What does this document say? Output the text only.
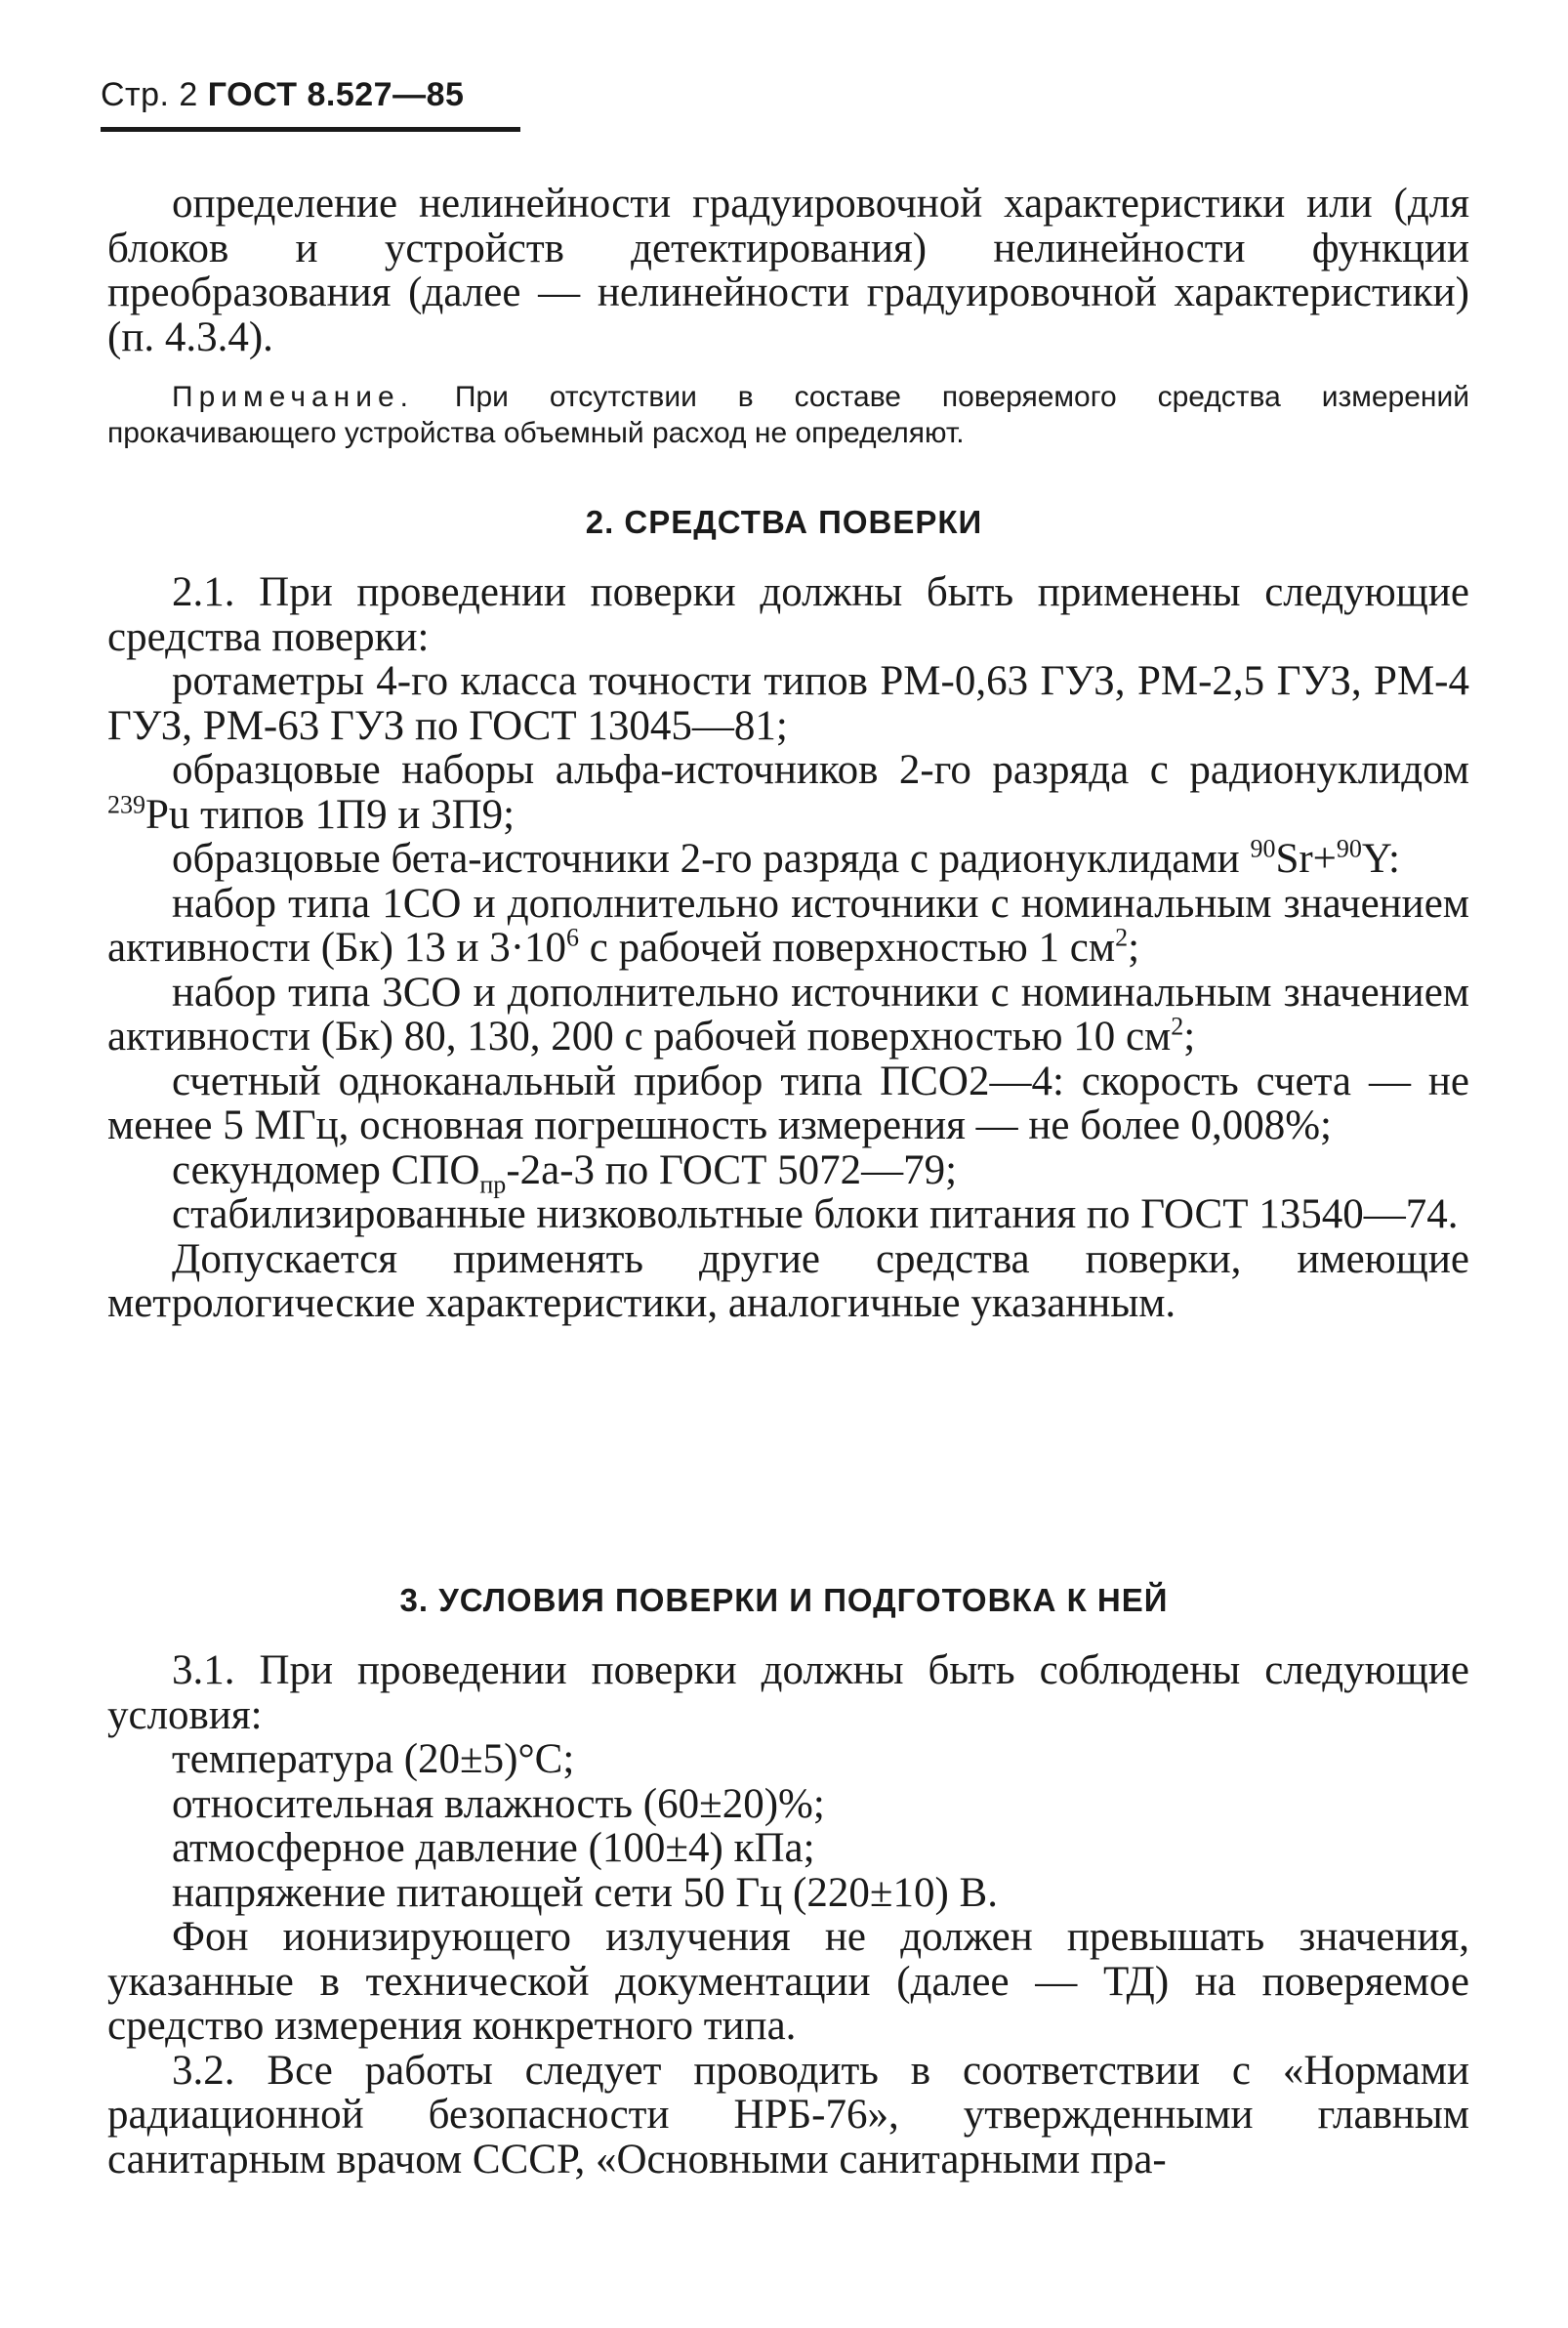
Стр. 2 ГОСТ 8.527—85

определение нелинейности градуировочной характеристики или (для блоков и устройств детектирования) нелинейности функции преобразования (далее — нелинейности градуировочной характеристики) (п. 4.3.4).

Примечание. При отсутствии в составе поверяемого средства измерений прокачивающего устройства объемный расход не определяют.

2. СРЕДСТВА ПОВЕРКИ

2.1. При проведении поверки должны быть применены следующие средства поверки:

ротаметры 4-го класса точности типов РМ-0,63 ГУЗ, РМ-2,5 ГУЗ, РМ-4 ГУЗ, РМ-63 ГУЗ по ГОСТ 13045—81;

образцовые наборы альфа-источников 2-го разряда с радионуклидом $^{239}$Pu типов 1П9 и 3П9;

образцовые бета-источники 2-го разряда с радионуклидами $^{90}$Sr+$^{90}$Y:

набор типа 1СО и дополнительно источники с номинальным значением активности (Бк) 13 и $3\cdot 10^6$ с рабочей поверхностью 1 $см^2$;

набор типа 3СО и дополнительно источники с номинальным значением активности (Бк) 80, 130, 200 с рабочей поверхностью 10 $см^2$;

счетный одноканальный прибор типа ПСО2—4: скорость счета — не менее 5 МГц, основная погрешность измерения — не более 0,008%;

секундомер $СПО_{пр}-2а-3$ по ГОСТ 5072—79;

стабилизированные низковольтные блоки питания по ГОСТ 13540—74.

Допускается применять другие средства поверки, имеющие метрологические характеристики, аналогичные указанным.

3. УСЛОВИЯ ПОВЕРКИ И ПОДГОТОВКА К НЕЙ

3.1. При проведении поверки должны быть соблюдены следующие условия:

температура (20±5)°С;

относительная влажность (60±20)%;

атмосферное давление (100±4) кПа;

напряжение питающей сети 50 Гц (220±10) В.

Фон ионизирующего излучения не должен превышать значения, указанные в технической документации (далее — ТД) на поверяемое средство измерения конкретного типа.

3.2. Все работы следует проводить в соответствии с «Нормами радиационной безопасности НРБ-76», утвержденными главным санитарным врачом СССР, «Основными санитарными пра-
